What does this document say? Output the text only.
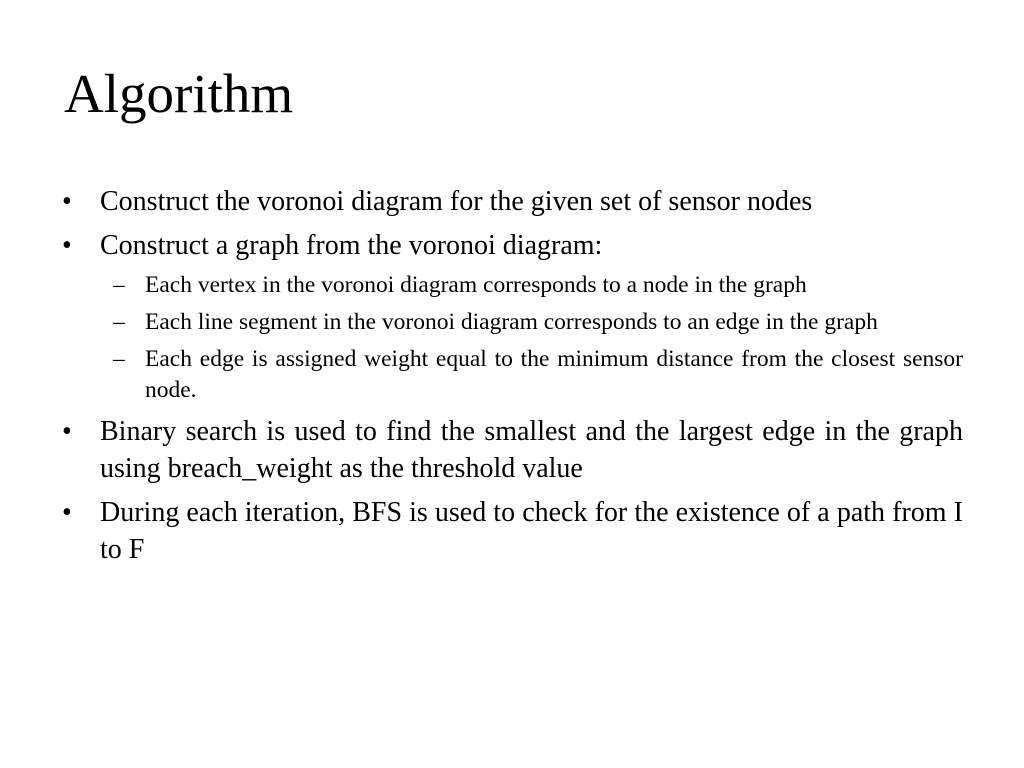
Algorithm
• Construct the voronoi diagram for the given set of sensor nodes
• Construct a graph from the voronoi diagram:
– Each vertex in the voronoi diagram corresponds to a node in the graph
– Each line segment in the voronoi diagram corresponds to an edge in the graph
– Each edge is assigned weight equal to the minimum distance from the closest sensor node.
• Binary search is used to find the smallest and the largest edge in the graph using breach_weight as the threshold value
• During each iteration, BFS is used to check for the existence of a path from I to F
